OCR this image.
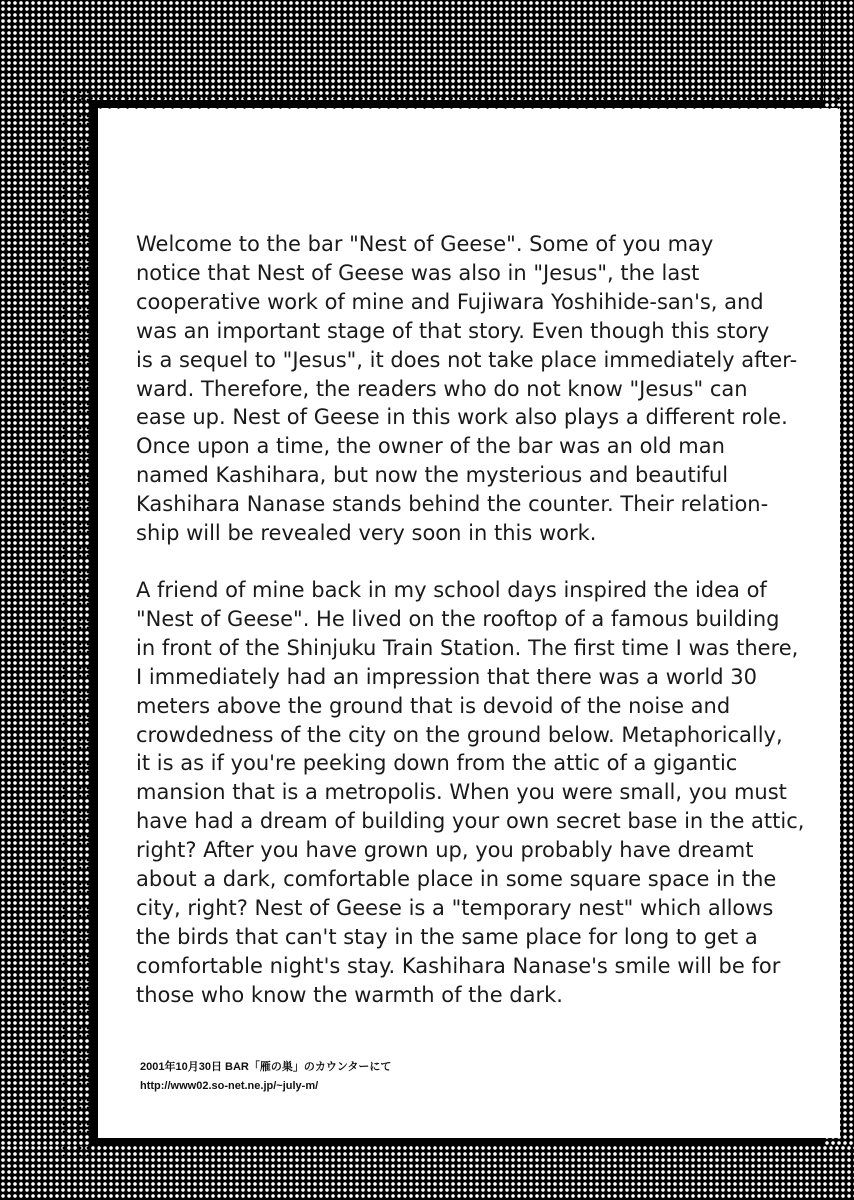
Welcome to the bar "Nest of Geese". Some of you may
notice that Nest of Geese was also in "Jesus", the last
cooperative work of mine and Fujiwara Yoshihide-san's, and
was an important stage of that story. Even though this story
is a sequel to "Jesus", it does not take place immediately after-
ward. Therefore, the readers who do not know "Jesus" can
ease up. Nest of Geese in this work also plays a different role.
Once upon a time, the owner of the bar was an old man
named Kashihara, but now the mysterious and beautiful
Kashihara Nanase stands behind the counter. Their relation-
ship will be revealed very soon in this work.
A friend of mine back in my school days inspired the idea of
"Nest of Geese". He lived on the rooftop of a famous building
in front of the Shinjuku Train Station. The first time I was there,
I immediately had an impression that there was a world 30
meters above the ground that is devoid of the noise and
crowdedness of the city on the ground below. Metaphorically,
it is as if you're peeking down from the attic of a gigantic
mansion that is a metropolis. When you were small, you must
have had a dream of building your own secret base in the attic,
right? After you have grown up, you probably have dreamt
about a dark, comfortable place in some square space in the
city, right? Nest of Geese is a "temporary nest" which allows
the birds that can't stay in the same place for long to get a
comfortable night's stay. Kashihara Nanase's smile will be for
those who know the warmth of the dark.
2001年10月30日 BAR「雁の巣」のカウンターにて
http://www02.so-net.ne.jp/~july-m/
